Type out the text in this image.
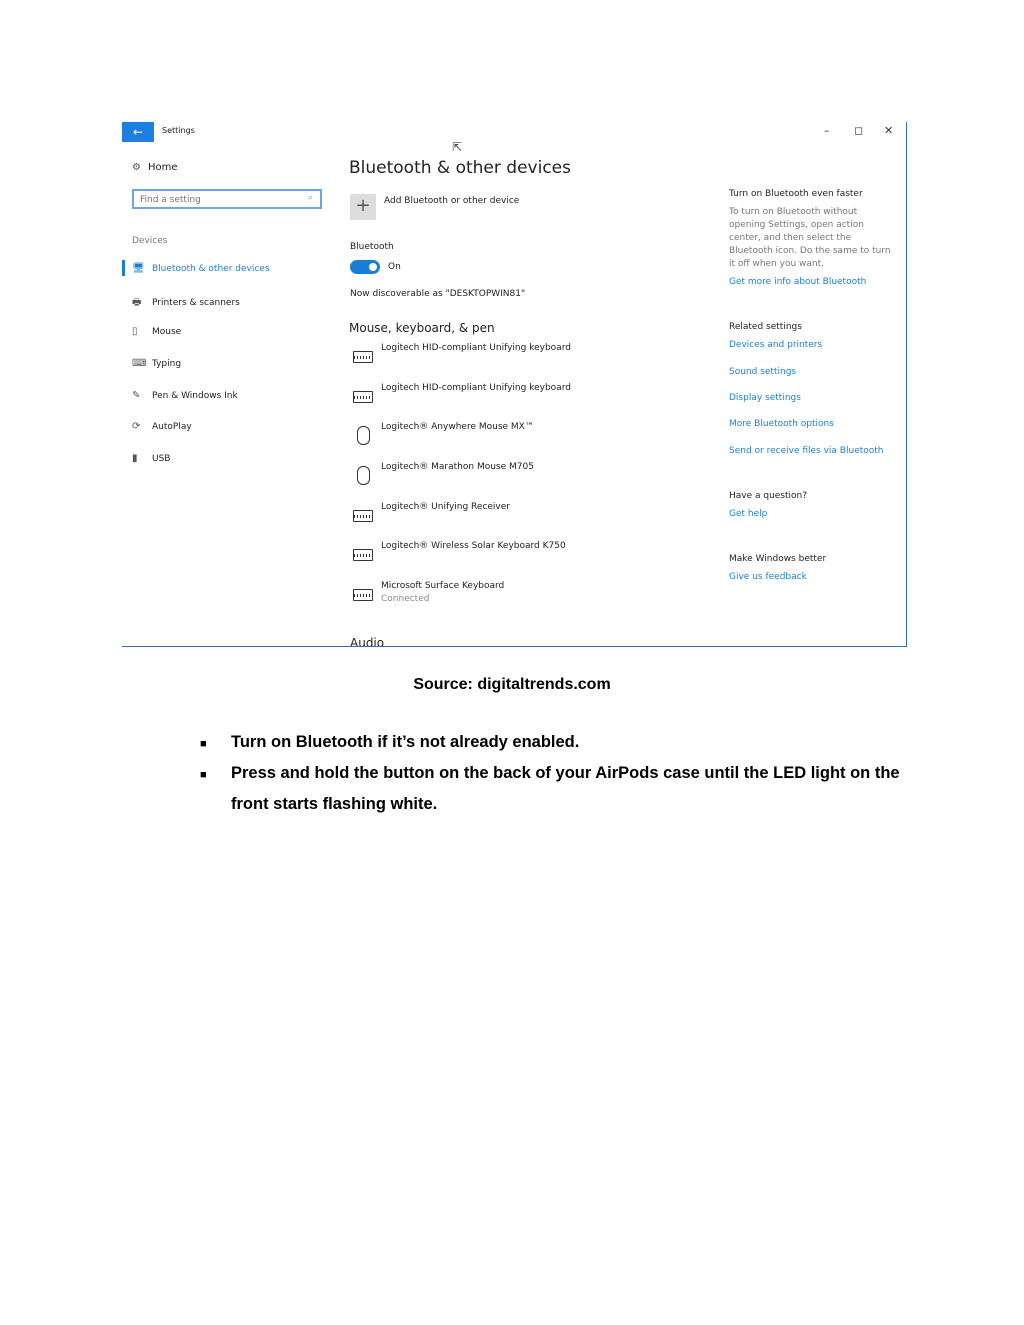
←	Settings	– ◻ ✕
⇱
⚙ Home
Find a setting
⌕
Devices
🖥 Bluetooth & other devices
🖶 Printers & scanners
▯ Mouse
⌨ Typing
✎ Pen & Windows Ink
⟳ AutoPlay
▮ USB
Bluetooth & other devices
+	Add Bluetooth or other device
Bluetooth
On
Now discoverable as "DESKTOPWIN81"
Mouse, keyboard, & pen
Logitech HID-compliant Unifying keyboard
Logitech HID-compliant Unifying keyboard
Logitech® Anywhere Mouse MX™
Logitech® Marathon Mouse M705
Logitech® Unifying Receiver
Logitech® Wireless Solar Keyboard K750
Microsoft Surface Keyboard
Connected
Audio
Turn on Bluetooth even faster
To turn on Bluetooth without opening Settings, open action center, and then select the Bluetooth icon. Do the same to turn it off when you want.
Get more info about Bluetooth
Related settings
Devices and printers
Sound settings
Display settings
More Bluetooth options
Send or receive files via Bluetooth
Have a question?
Get help
Make Windows better
Give us feedback
Source: digitaltrends.com
■ Turn on Bluetooth if it’s not already enabled.
■ Press and hold the button on the back of your AirPods case until the LED light on the front starts flashing white.
